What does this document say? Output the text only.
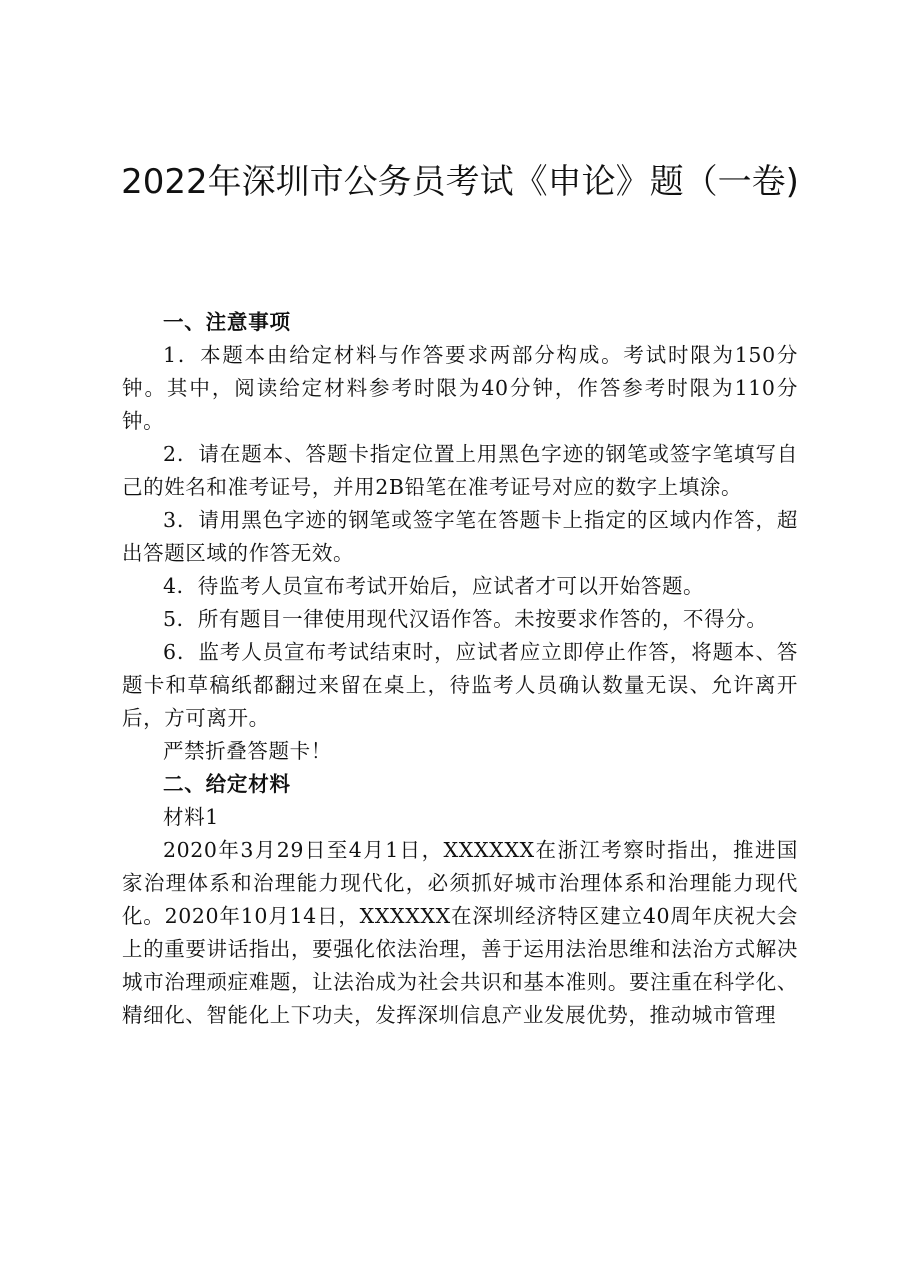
2022年深圳市公务员考试《申论》题（一卷)

一、注意事项

1．本题本由给定材料与作答要求两部分构成。考试时限为150分钟。其中，阅读给定材料参考时限为40分钟，作答参考时限为110分钟。

2．请在题本、答题卡指定位置上用黑色字迹的钢笔或签字笔填写自己的姓名和准考证号，并用2B铅笔在准考证号对应的数字上填涂。

3．请用黑色字迹的钢笔或签字笔在答题卡上指定的区域内作答，超出答题区域的作答无效。

4．待监考人员宣布考试开始后，应试者才可以开始答题。

5．所有题目一律使用现代汉语作答。未按要求作答的，不得分。

6．监考人员宣布考试结束时，应试者应立即停止作答，将题本、答题卡和草稿纸都翻过来留在桌上，待监考人员确认数量无误、允许离开后，方可离开。

严禁折叠答题卡！

二、给定材料

材料1

2020年3月29日至4月1日，XXXXXX在浙江考察时指出，推进国家治理体系和治理能力现代化，必须抓好城市治理体系和治理能力现代化。2020年10月14日，XXXXXX在深圳经济特区建立40周年庆祝大会上的重要讲话指出，要强化依法治理，善于运用法治思维和法治方式解决城市治理顽症难题，让法治成为社会共识和基本准则。要注重在科学化、精细化、智能化上下功夫，发挥深圳信息产业发展优势，推动城市管理
